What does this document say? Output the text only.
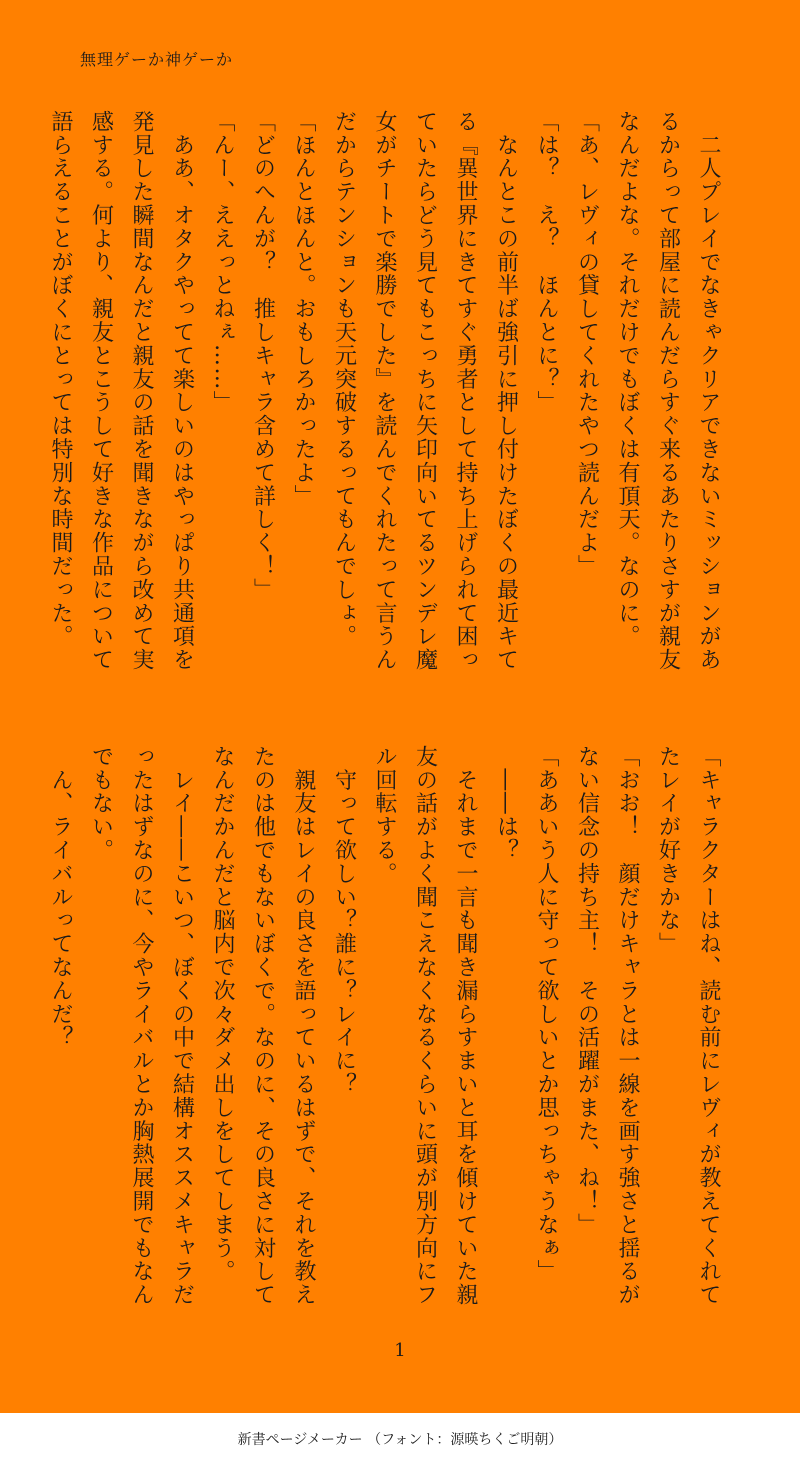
無理ゲーか神ゲーか
　二人プレイでなきゃクリアできないミッションがあ
るからって部屋に読んだらすぐ来るあたりさすが親友
なんだよな。それだけでもぼくは有頂天。なのに。
「あ、レヴィの貸してくれたやつ読んだよ」
「は？　え？　ほんとに？」
　なんとこの前半ば強引に押し付けたぼくの最近キて
る『異世界にきてすぐ勇者として持ち上げられて困っ
ていたらどう見てもこっちに矢印向いてるツンデレ魔
女がチートで楽勝でした』を読んでくれたって言うん
だからテンションも天元突破するってもんでしょ。
「ほんとほんと。おもしろかったよ」
「どのへんが？　推しキャラ含めて詳しく！」
「んー、ええっとねぇ……」
　ああ、オタクやってて楽しいのはやっぱり共通項を
発見した瞬間なんだと親友の話を聞きながら改めて実
感する。何より、親友とこうして好きな作品について
語らえることがぼくにとっては特別な時間だった。
「キャラクターはね、読む前にレヴィが教えてくれて
たレイが好きかな」
「おお！　顔だけキャラとは一線を画す強さと揺るが
ない信念の持ち主！　その活躍がまた、ね！」
「ああいう人に守って欲しいとか思っちゃうなぁ」
　――は？
　それまで一言も聞き漏らすまいと耳を傾けていた親
友の話がよく聞こえなくなるくらいに頭が別方向にフ
ル回転する。
　守って欲しい？誰に？レイに？
　親友はレイの良さを語っているはずで、それを教え
たのは他でもないぼくで。なのに、その良さに対して
なんだかんだと脳内で次々ダメ出しをしてしまう。
　レイ――こいつ、ぼくの中で結構オススメキャラだ
ったはずなのに、今やライバルとか胸熱展開でもなん
でもない。
　ん、ライバルってなんだ？
1
新書ページメーカー （フォント：源暎ちくご明朝）
